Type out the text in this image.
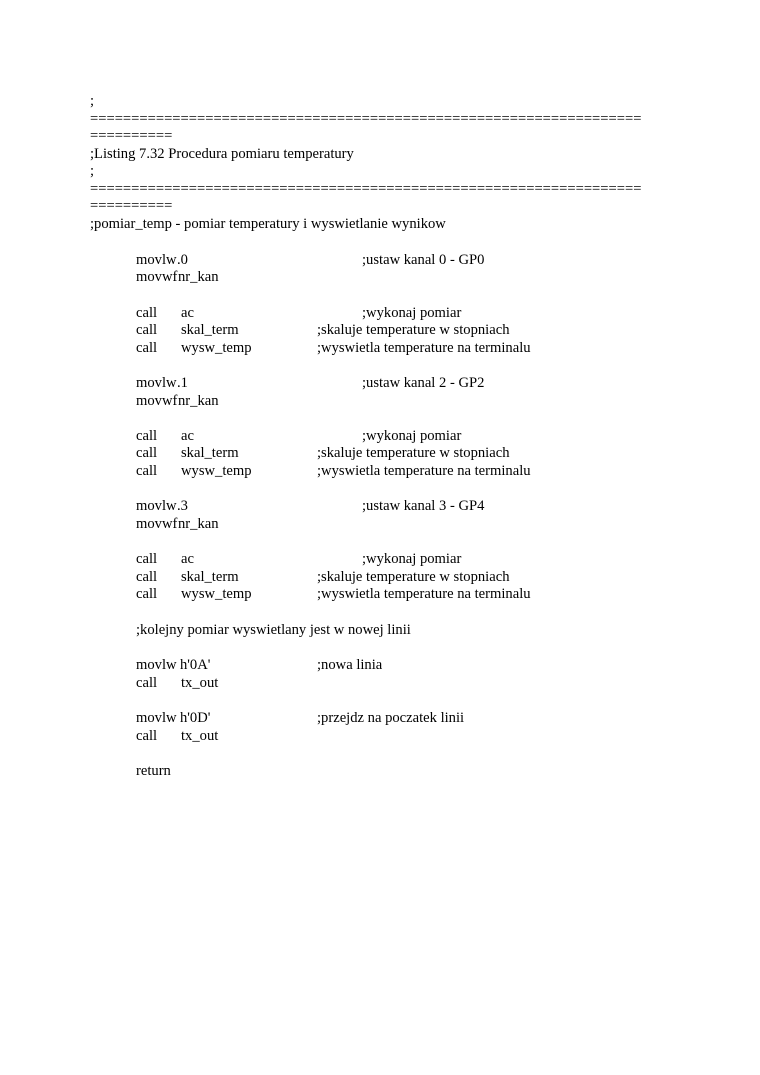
;
===================================================================
==========
;Listing 7.32 Procedura pomiaru temperatury
;
===================================================================
==========
;pomiar_temp - pomiar temperatury i wyswietlanie wynikow
movlw .0	;ustaw kanal 0 - GP0
movwf nr_kan
call ac	;wykonaj pomiar
call skal_term	;skaluje temperature w stopniach
call wysw_temp	;wyswietla temperature na terminalu
movlw .1	;ustaw kanal 2 - GP2
movwf nr_kan
call ac	;wykonaj pomiar
call skal_term	;skaluje temperature w stopniach
call wysw_temp	;wyswietla temperature na terminalu
movlw .3	;ustaw kanal 3 - GP4
movwf nr_kan
call ac	;wykonaj pomiar
call skal_term	;skaluje temperature w stopniach
call wysw_temp	;wyswietla temperature na terminalu
;kolejny pomiar wyswietlany jest w nowej linii
movlw h'0A'	;nowa linia
call tx_out
movlw h'0D'	;przejdz na poczatek linii
call tx_out
return
